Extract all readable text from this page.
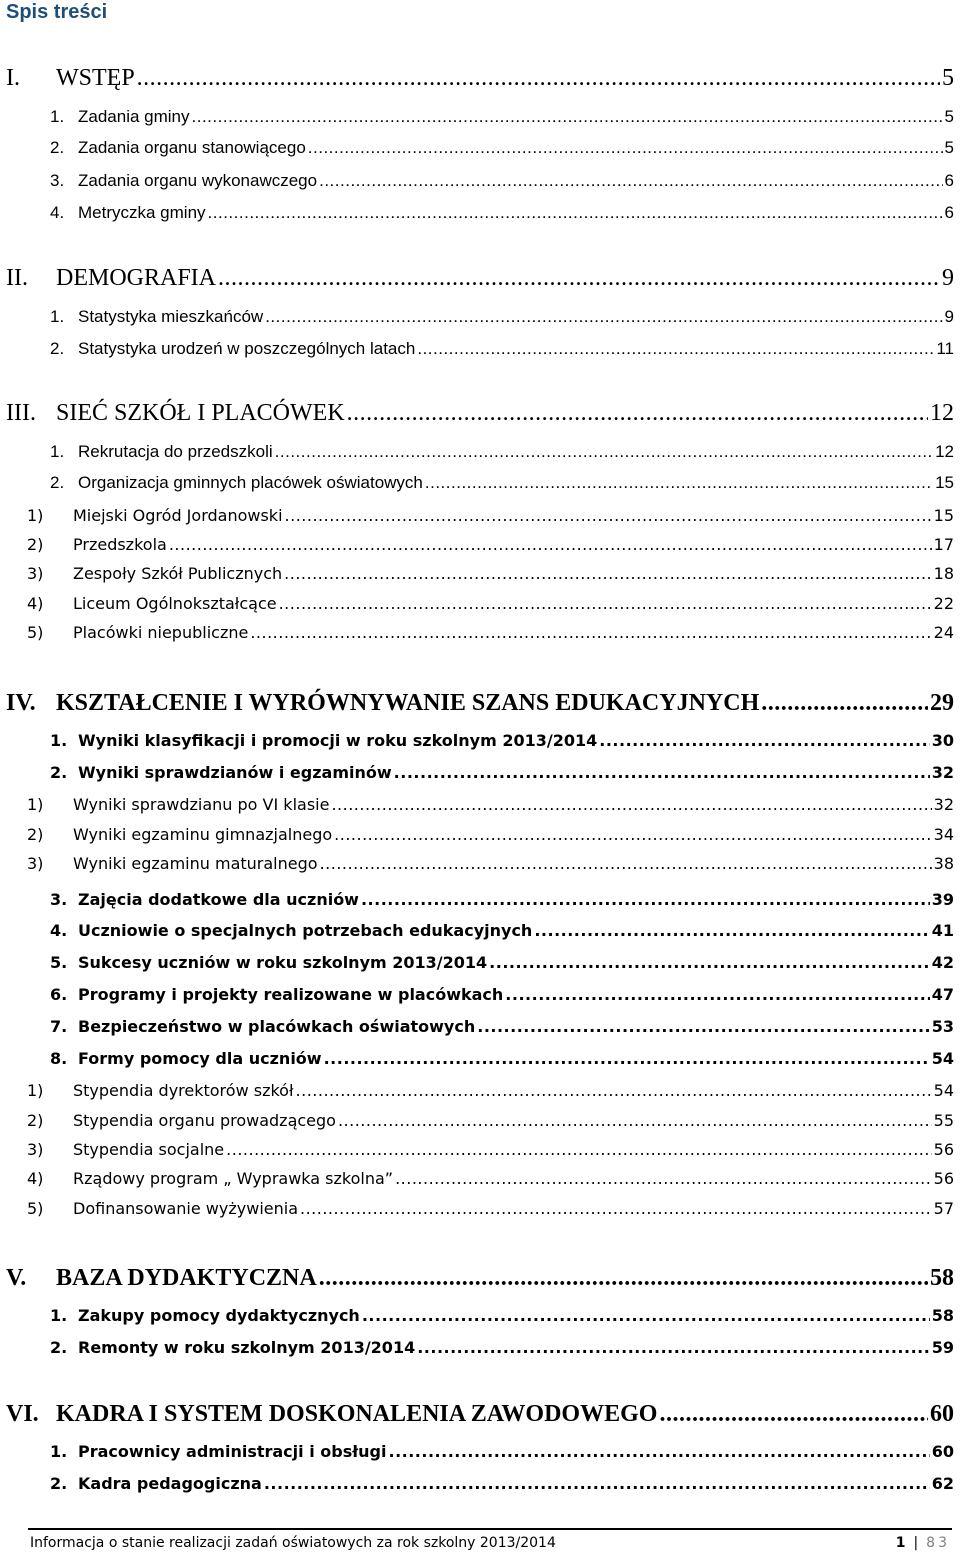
Spis treści
I.	WSTĘP .....	5
1. Zadania gminy .....	5
2. Zadania organu stanowiącego .....	5
3. Zadania organu wykonawczego .....	6
4. Metryczka gminy .....	6
II.	DEMOGRAFIA .....	9
1. Statystyka mieszkańców .....	9
2. Statystyka urodzeń w poszczególnych latach .....	11
III. SIEĆ SZKÓŁ I PLACÓWEK .....	12
1. Rekrutacja do przedszkoli .....	12
2. Organizacja gminnych placówek oświatowych .....	15
1)	Miejski Ogród Jordanowski .....	15
2)	Przedszkola .....	17
3)	Zespoły Szkół Publicznych .....	18
4)	Liceum Ogólnokształcące .....	22
5)	Placówki niepubliczne .....	24
IV. KSZTAŁCENIE I WYRÓWNYWANIE SZANS EDUKACYJNYCH .....	29
1. Wyniki klasyfikacji i promocji w roku szkolnym 2013/2014 .....	30
2. Wyniki sprawdzianów i egzaminów .....	32
1)	Wyniki sprawdzianu po VI klasie .....	32
2)	Wyniki egzaminu gimnazjalnego .....	34
3)	Wyniki egzaminu maturalnego .....	38
3. Zajęcia dodatkowe dla uczniów .....	39
4. Uczniowie o specjalnych potrzebach edukacyjnych .....	41
5. Sukcesy uczniów w roku szkolnym 2013/2014 .....	42
6. Programy i projekty realizowane w placówkach .....	47
7. Bezpieczeństwo w placówkach oświatowych .....	53
8. Formy pomocy dla uczniów .....	54
1)	Stypendia dyrektorów szkół .....	54
2)	Stypendia organu prowadzącego .....	55
3)	Stypendia socjalne .....	56
4)	Rządowy program „ Wyprawka szkolna” .....	56
5)	Dofinansowanie wyżywienia .....	57
V.	BAZA DYDAKTYCZNA .....	58
1. Zakupy pomocy dydaktycznych .....	58
2. Remonty w roku szkolnym 2013/2014 .....	59
VI. KADRA I SYSTEM DOSKONALENIA ZAWODOWEGO .....	60
1. Pracownicy administracji i obsługi .....	60
2. Kadra pedagogiczna .....	62
Informacja o stanie realizacji zadań oświatowych za rok szkolny 2013/2014	1 | 83
